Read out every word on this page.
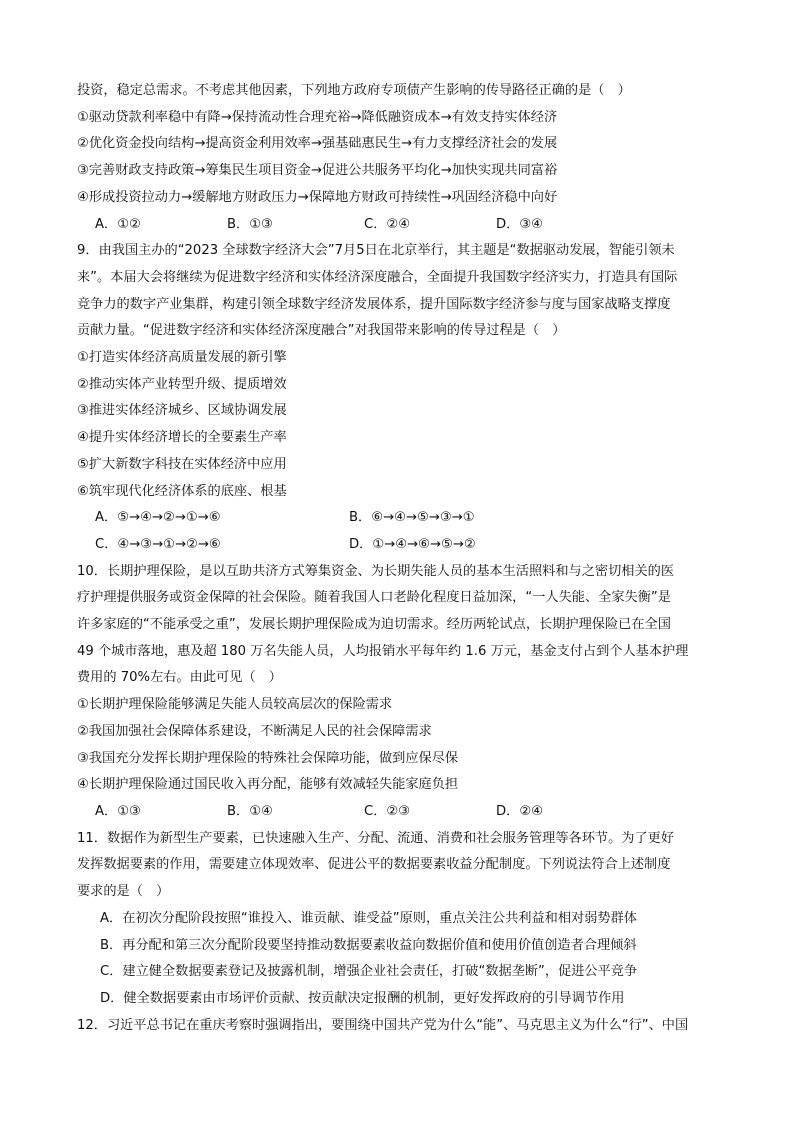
投资，稳定总需求。不考虑其他因素，下列地方政府专项债产生影响的传导路径正确的是（　）
①驱动贷款利率稳中有降→保持流动性合理充裕→降低融资成本→有效支持实体经济
②优化资金投向结构→提高资金利用效率→强基础惠民生→有力支撑经济社会的发展
③完善财政支持政策→筹集民生项目资金→促进公共服务平均化→加快实现共同富裕
④形成投资拉动力→缓解地方财政压力→保障地方财政可持续性→巩固经济稳中向好
A．①②	B．①③	C．②④	D．③④
9．由我国主办的“2023 全球数字经济大会”7月5日在北京举行，其主题是“数据驱动发展，智能引领未
来”。本届大会将继续为促进数字经济和实体经济深度融合，全面提升我国数字经济实力，打造具有国际
竞争力的数字产业集群，构建引领全球数字经济发展体系，提升国际数字经济参与度与国家战略支撑度
贡献力量。“促进数字经济和实体经济深度融合”对我国带来影响的传导过程是（　）
①打造实体经济高质量发展的新引擎
②推动实体产业转型升级、提质增效
③推进实体经济城乡、区域协调发展
④提升实体经济增长的全要素生产率
⑤扩大新数字科技在实体经济中应用
⑥筑牢现代化经济体系的底座、根基
A．⑤→④→②→①→⑥	B．⑥→④→⑤→③→①
C．④→③→①→②→⑥	D．①→④→⑥→⑤→②
10．长期护理保险，是以互助共济方式筹集资金、为长期失能人员的基本生活照料和与之密切相关的医
疗护理提供服务或资金保障的社会保险。随着我国人口老龄化程度日益加深，“一人失能、全家失衡”是
许多家庭的“不能承受之重”，发展长期护理保险成为迫切需求。经历两轮试点，长期护理保险已在全国
49 个城市落地，惠及超 180 万名失能人员，人均报销水平每年约 1.6 万元，基金支付占到个人基本护理
费用的 70%左右。由此可见（　）
①长期护理保险能够满足失能人员较高层次的保险需求
②我国加强社会保障体系建设，不断满足人民的社会保障需求
③我国充分发挥长期护理保险的特殊社会保障功能，做到应保尽保
④长期护理保险通过国民收入再分配，能够有效减轻失能家庭负担
A．①③	B．①④	C．②③	D．②④
11．数据作为新型生产要素，已快速融入生产、分配、流通、消费和社会服务管理等各环节。为了更好
发挥数据要素的作用，需要建立体现效率、促进公平的数据要素收益分配制度。下列说法符合上述制度
要求的是（　）
A．在初次分配阶段按照“谁投入、谁贡献、谁受益”原则，重点关注公共利益和相对弱势群体
B．再分配和第三次分配阶段要坚持推动数据要素收益向数据价值和使用价值创造者合理倾斜
C．建立健全数据要素登记及披露机制，增强企业社会责任，打破“数据垄断”，促进公平竞争
D．健全数据要素由市场评价贡献、按贡献决定报酬的机制，更好发挥政府的引导调节作用
12．习近平总书记在重庆考察时强调指出，要围绕中国共产党为什么“能”、马克思主义为什么“行”、中国
